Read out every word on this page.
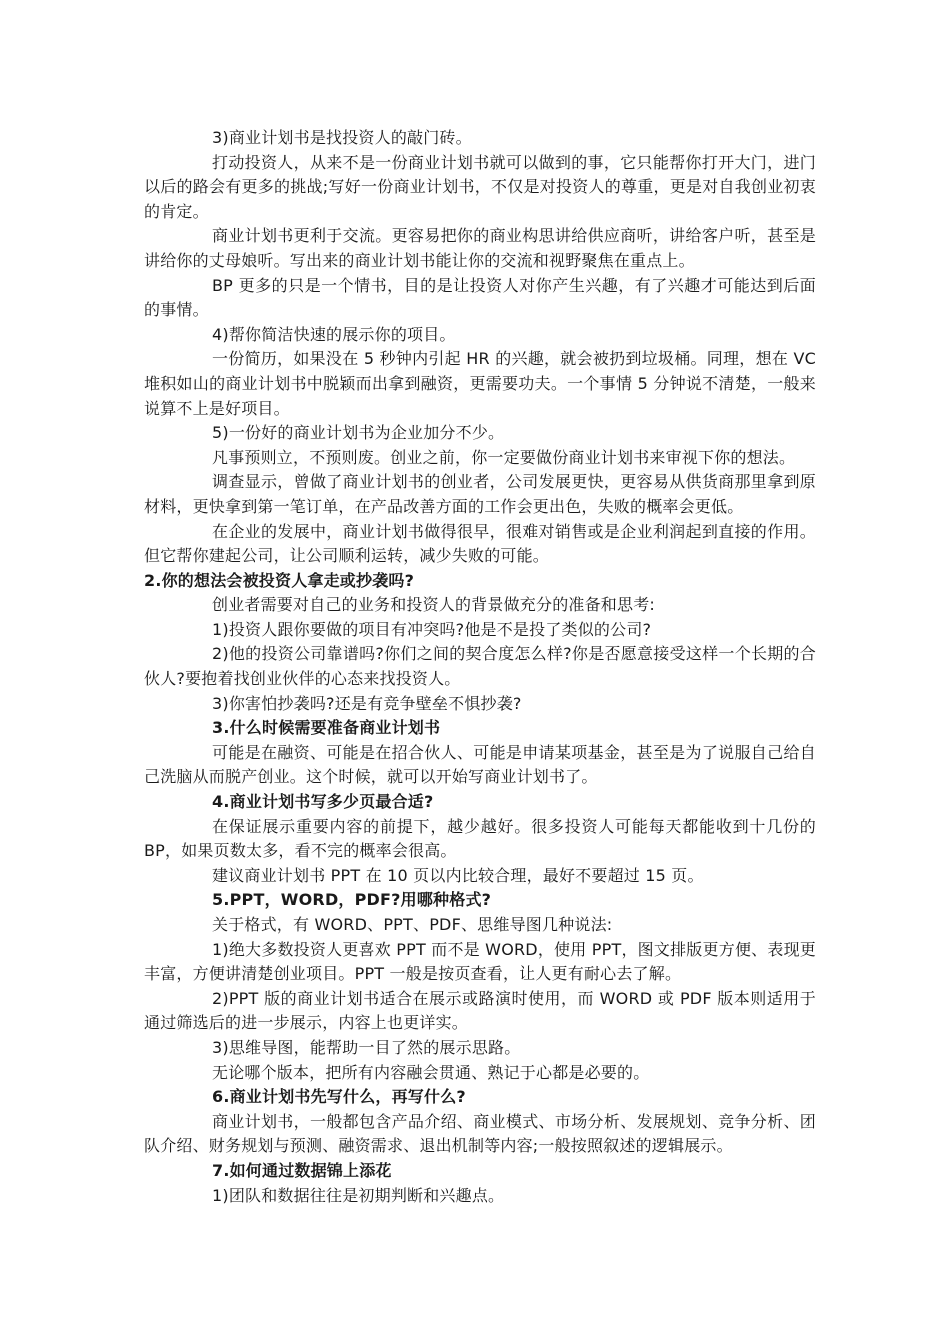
3)商业计划书是找投资人的敲门砖。

打动投资人，从来不是一份商业计划书就可以做到的事，它只能帮你打开大门，进门以后的路会有更多的挑战;写好一份商业计划书，不仅是对投资人的尊重，更是对自我创业初衷的肯定。

商业计划书更利于交流。更容易把你的商业构思讲给供应商听，讲给客户听，甚至是讲给你的丈母娘听。写出来的商业计划书能让你的交流和视野聚焦在重点上。

BP 更多的只是一个情书，目的是让投资人对你产生兴趣，有了兴趣才可能达到后面的事情。

4)帮你简洁快速的展示你的项目。

一份简历，如果没在 5 秒钟内引起 HR 的兴趣，就会被扔到垃圾桶。同理，想在 VC 堆积如山的商业计划书中脱颖而出拿到融资，更需要功夫。一个事情 5 分钟说不清楚，一般来说算不上是好项目。

5)一份好的商业计划书为企业加分不少。

凡事预则立，不预则废。创业之前，你一定要做份商业计划书来审视下你的想法。

调查显示，曾做了商业计划书的创业者，公司发展更快，更容易从供货商那里拿到原材料，更快拿到第一笔订单，在产品改善方面的工作会更出色，失败的概率会更低。

在企业的发展中，商业计划书做得很早，很难对销售或是企业利润起到直接的作用。但它帮你建起公司，让公司顺利运转，减少失败的可能。

2.你的想法会被投资人拿走或抄袭吗?

创业者需要对自己的业务和投资人的背景做充分的准备和思考:

1)投资人跟你要做的项目有冲突吗?他是不是投了类似的公司?

2)他的投资公司靠谱吗?你们之间的契合度怎么样?你是否愿意接受这样一个长期的合伙人?要抱着找创业伙伴的心态来找投资人。

3)你害怕抄袭吗?还是有竞争壁垒不惧抄袭?

3.什么时候需要准备商业计划书

可能是在融资、可能是在招合伙人、可能是申请某项基金，甚至是为了说服自己给自己洗脑从而脱产创业。这个时候，就可以开始写商业计划书了。

4.商业计划书写多少页最合适?

在保证展示重要内容的前提下，越少越好。很多投资人可能每天都能收到十几份的 BP，如果页数太多，看不完的概率会很高。

建议商业计划书 PPT 在 10 页以内比较合理，最好不要超过 15 页。

5.PPT，WORD，PDF?用哪种格式?

关于格式，有 WORD、PPT、PDF、思维导图几种说法:

1)绝大多数投资人更喜欢 PPT 而不是 WORD，使用 PPT，图文排版更方便、表现更丰富，方便讲清楚创业项目。PPT 一般是按页查看，让人更有耐心去了解。

2)PPT 版的商业计划书适合在展示或路演时使用，而 WORD 或 PDF 版本则适用于通过筛选后的进一步展示，内容上也更详实。

3)思维导图，能帮助一目了然的展示思路。

无论哪个版本，把所有内容融会贯通、熟记于心都是必要的。

6.商业计划书先写什么，再写什么?

商业计划书，一般都包含产品介绍、商业模式、市场分析、发展规划、竞争分析、团队介绍、财务规划与预测、融资需求、退出机制等内容;一般按照叙述的逻辑展示。

7.如何通过数据锦上添花

1)团队和数据往往是初期判断和兴趣点。
